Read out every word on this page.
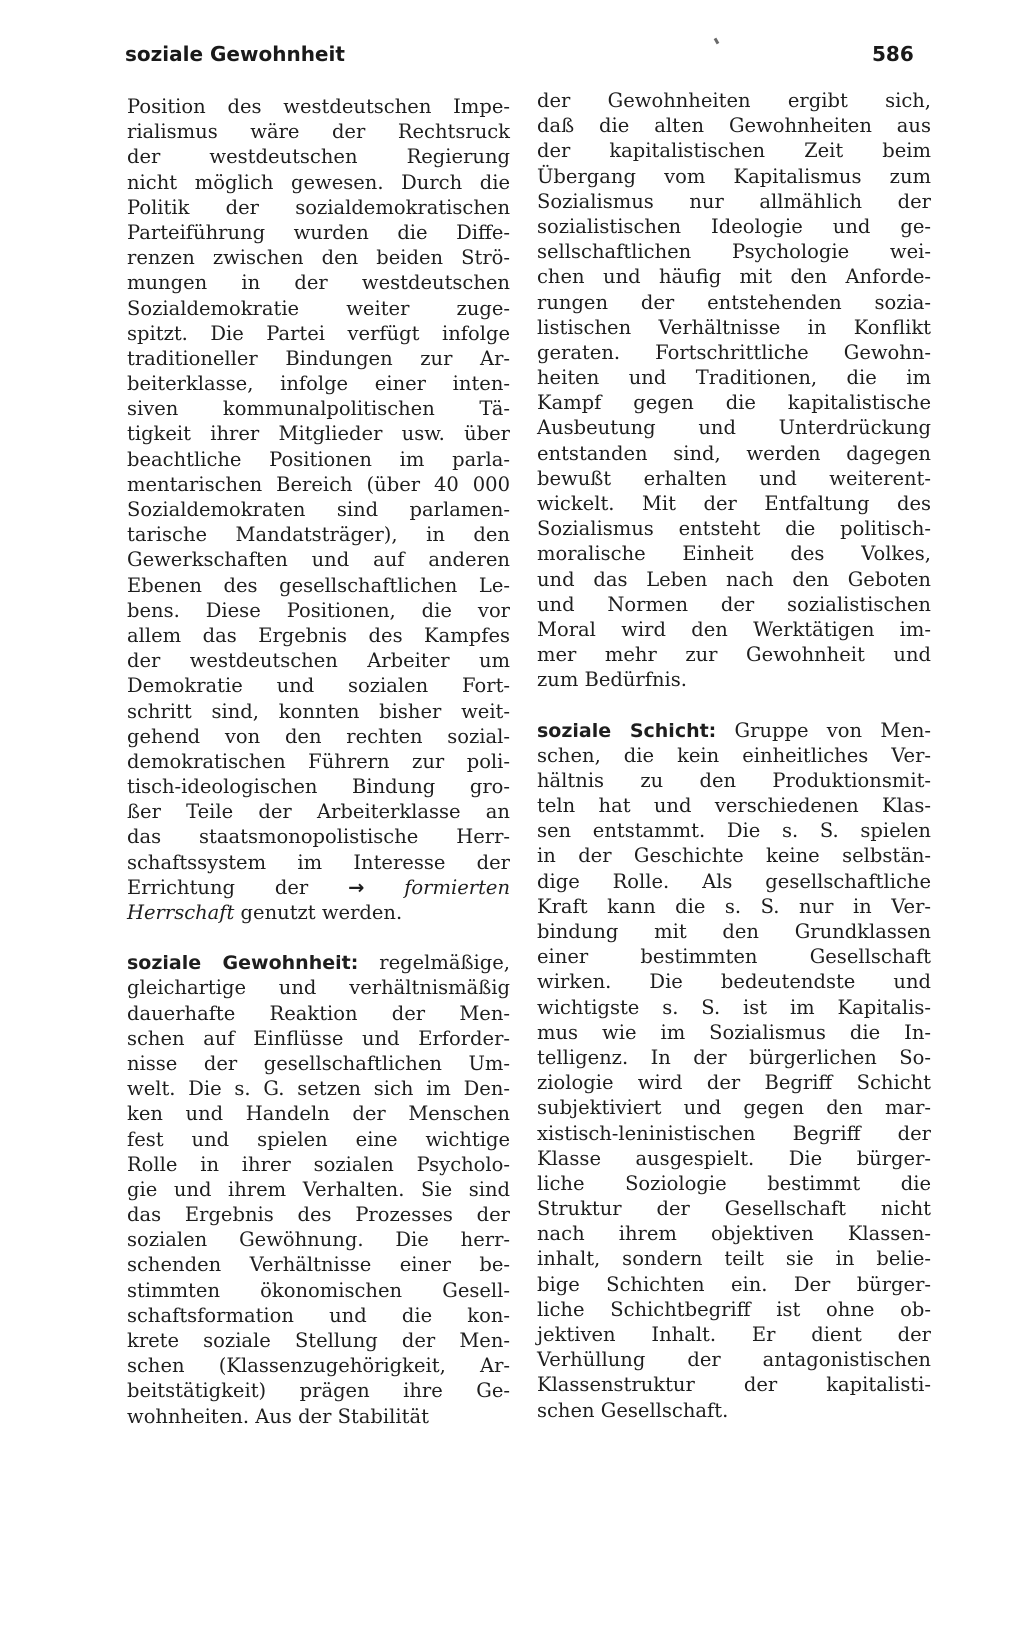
soziale Gewohnheit	586
Position des westdeutschen Impe-
rialismus wäre der Rechtsruck
der westdeutschen Regierung
nicht möglich gewesen. Durch die
Politik der sozialdemokratischen
Parteiführung wurden die Diffe-
renzen zwischen den beiden Strö-
mungen in der westdeutschen
Sozialdemokratie weiter zuge-
spitzt. Die Partei verfügt infolge
traditioneller Bindungen zur Ar-
beiterklasse, infolge einer inten-
siven kommunalpolitischen Tä-
tigkeit ihrer Mitglieder usw. über
beachtliche Positionen im parla-
mentarischen Bereich (über 40 000
Sozialdemokraten sind parlamen-
tarische Mandatsträger), in den
Gewerkschaften und auf anderen
Ebenen des gesellschaftlichen Le-
bens. Diese Positionen, die vor
allem das Ergebnis des Kampfes
der westdeutschen Arbeiter um
Demokratie und sozialen Fort-
schritt sind, konnten bisher weit-
gehend von den rechten sozial-
demokratischen Führern zur poli-
tisch-ideologischen Bindung gro-
ßer Teile der Arbeiterklasse an
das staatsmonopolistische Herr-
schaftssystem im Interesse der
Errichtung der → formierten
Herrschaft genutzt werden.
soziale Gewohnheit: regelmäßige,
gleichartige und verhältnismäßig
dauerhafte Reaktion der Men-
schen auf Einflüsse und Erforder-
nisse der gesellschaftlichen Um-
welt. Die s. G. setzen sich im Den-
ken und Handeln der Menschen
fest und spielen eine wichtige
Rolle in ihrer sozialen Psycholo-
gie und ihrem Verhalten. Sie sind
das Ergebnis des Prozesses der
sozialen Gewöhnung. Die herr-
schenden Verhältnisse einer be-
stimmten ökonomischen Gesell-
schaftsformation und die kon-
krete soziale Stellung der Men-
schen (Klassenzugehörigkeit, Ar-
beitstätigkeit) prägen ihre Ge-
wohnheiten. Aus der Stabilität
der Gewohnheiten ergibt sich,
daß die alten Gewohnheiten aus
der kapitalistischen Zeit beim
Übergang vom Kapitalismus zum
Sozialismus nur allmählich der
sozialistischen Ideologie und ge-
sellschaftlichen Psychologie wei-
chen und häufig mit den Anforde-
rungen der entstehenden sozia-
listischen Verhältnisse in Konflikt
geraten. Fortschrittliche Gewohn-
heiten und Traditionen, die im
Kampf gegen die kapitalistische
Ausbeutung und Unterdrückung
entstanden sind, werden dagegen
bewußt erhalten und weiterent-
wickelt. Mit der Entfaltung des
Sozialismus entsteht die politisch-
moralische Einheit des Volkes,
und das Leben nach den Geboten
und Normen der sozialistischen
Moral wird den Werktätigen im-
mer mehr zur Gewohnheit und
zum Bedürfnis.
soziale Schicht: Gruppe von Men-
schen, die kein einheitliches Ver-
hältnis zu den Produktionsmit-
teln hat und verschiedenen Klas-
sen entstammt. Die s. S. spielen
in der Geschichte keine selbstän-
dige Rolle. Als gesellschaftliche
Kraft kann die s. S. nur in Ver-
bindung mit den Grundklassen
einer bestimmten Gesellschaft
wirken. Die bedeutendste und
wichtigste s. S. ist im Kapitalis-
mus wie im Sozialismus die In-
telligenz. In der bürgerlichen So-
ziologie wird der Begriff Schicht
subjektiviert und gegen den mar-
xistisch-leninistischen Begriff der
Klasse ausgespielt. Die bürger-
liche Soziologie bestimmt die
Struktur der Gesellschaft nicht
nach ihrem objektiven Klassen-
inhalt, sondern teilt sie in belie-
bige Schichten ein. Der bürger-
liche Schichtbegriff ist ohne ob-
jektiven Inhalt. Er dient der
Verhüllung der antagonistischen
Klassenstruktur der kapitalisti-
schen Gesellschaft.
